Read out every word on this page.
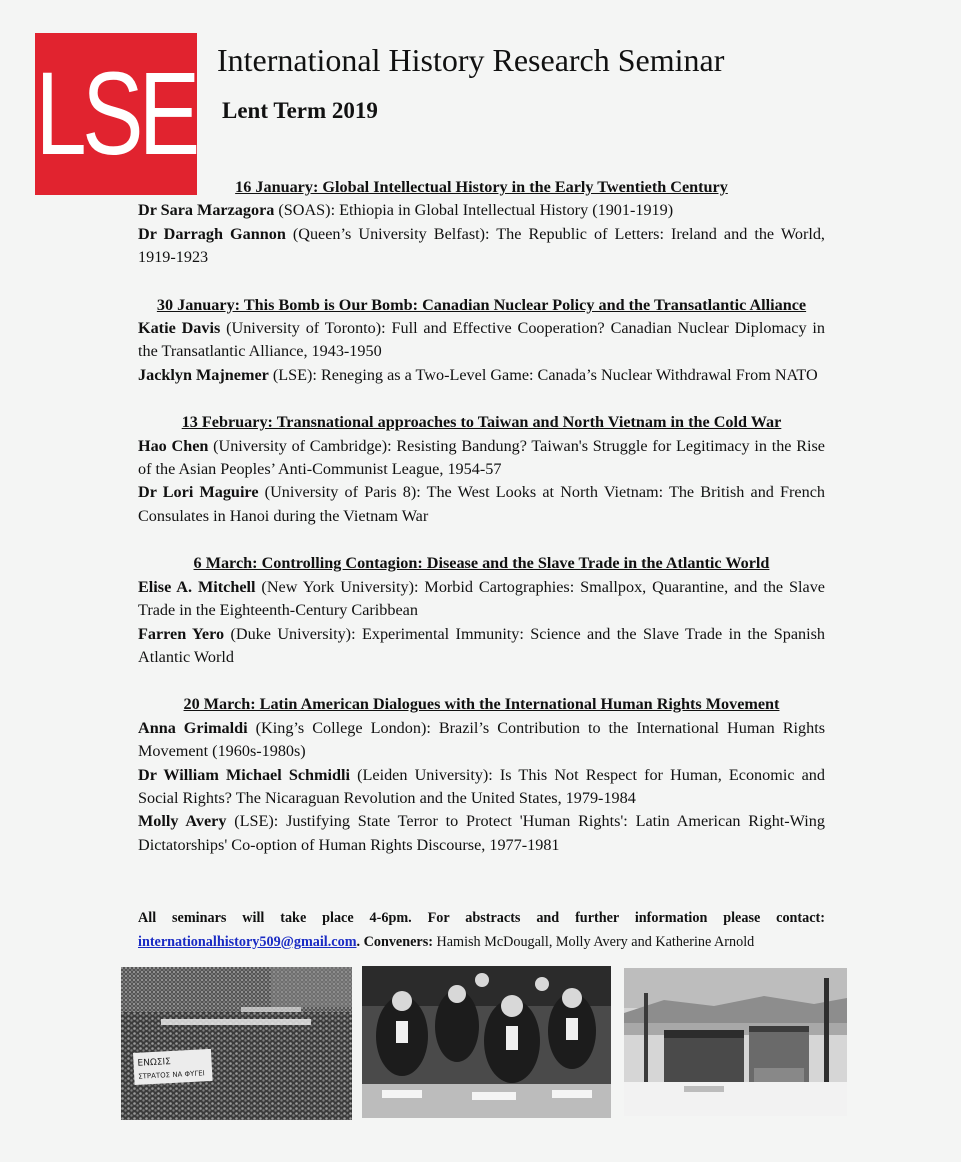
LSE International History Research Seminar
Lent Term 2019
16 January: Global Intellectual History in the Early Twentieth Century
Dr Sara Marzagora (SOAS): Ethiopia in Global Intellectual History (1901-1919)
Dr Darragh Gannon (Queen’s University Belfast): The Republic of Letters: Ireland and the World, 1919-1923
30 January: This Bomb is Our Bomb: Canadian Nuclear Policy and the Transatlantic Alliance
Katie Davis (University of Toronto): Full and Effective Cooperation? Canadian Nuclear Diplomacy in the Transatlantic Alliance, 1943-1950
Jacklyn Majnemer (LSE): Reneging as a Two-Level Game: Canada’s Nuclear Withdrawal From NATO
13 February: Transnational approaches to Taiwan and North Vietnam in the Cold War
Hao Chen (University of Cambridge): Resisting Bandung? Taiwan's Struggle for Legitimacy in the Rise of the Asian Peoples’ Anti-Communist League, 1954-57
Dr Lori Maguire (University of Paris 8): The West Looks at North Vietnam: The British and French Consulates in Hanoi during the Vietnam War
6 March: Controlling Contagion: Disease and the Slave Trade in the Atlantic World
Elise A. Mitchell (New York University): Morbid Cartographies: Smallpox, Quarantine, and the Slave Trade in the Eighteenth-Century Caribbean
Farren Yero (Duke University): Experimental Immunity: Science and the Slave Trade in the Spanish Atlantic World
20 March: Latin American Dialogues with the International Human Rights Movement
Anna Grimaldi (King’s College London): Brazil’s Contribution to the International Human Rights Movement (1960s-1980s)
Dr William Michael Schmidli (Leiden University): Is This Not Respect for Human, Economic and Social Rights? The Nicaraguan Revolution and the United States, 1979-1984
Molly Avery (LSE): Justifying State Terror to Protect 'Human Rights': Latin American Right-Wing Dictatorships' Co-option of Human Rights Discourse, 1977-1981
All seminars will take place 4-6pm. For abstracts and further information please contact: internationalhistory509@gmail.com. Conveners: Hamish McDougall, Molly Avery and Katherine Arnold
ΕΝΩΣΙΣ
ΣΤΡΑΤΟΣ ΝΑ ΦΥΓΕΙ
